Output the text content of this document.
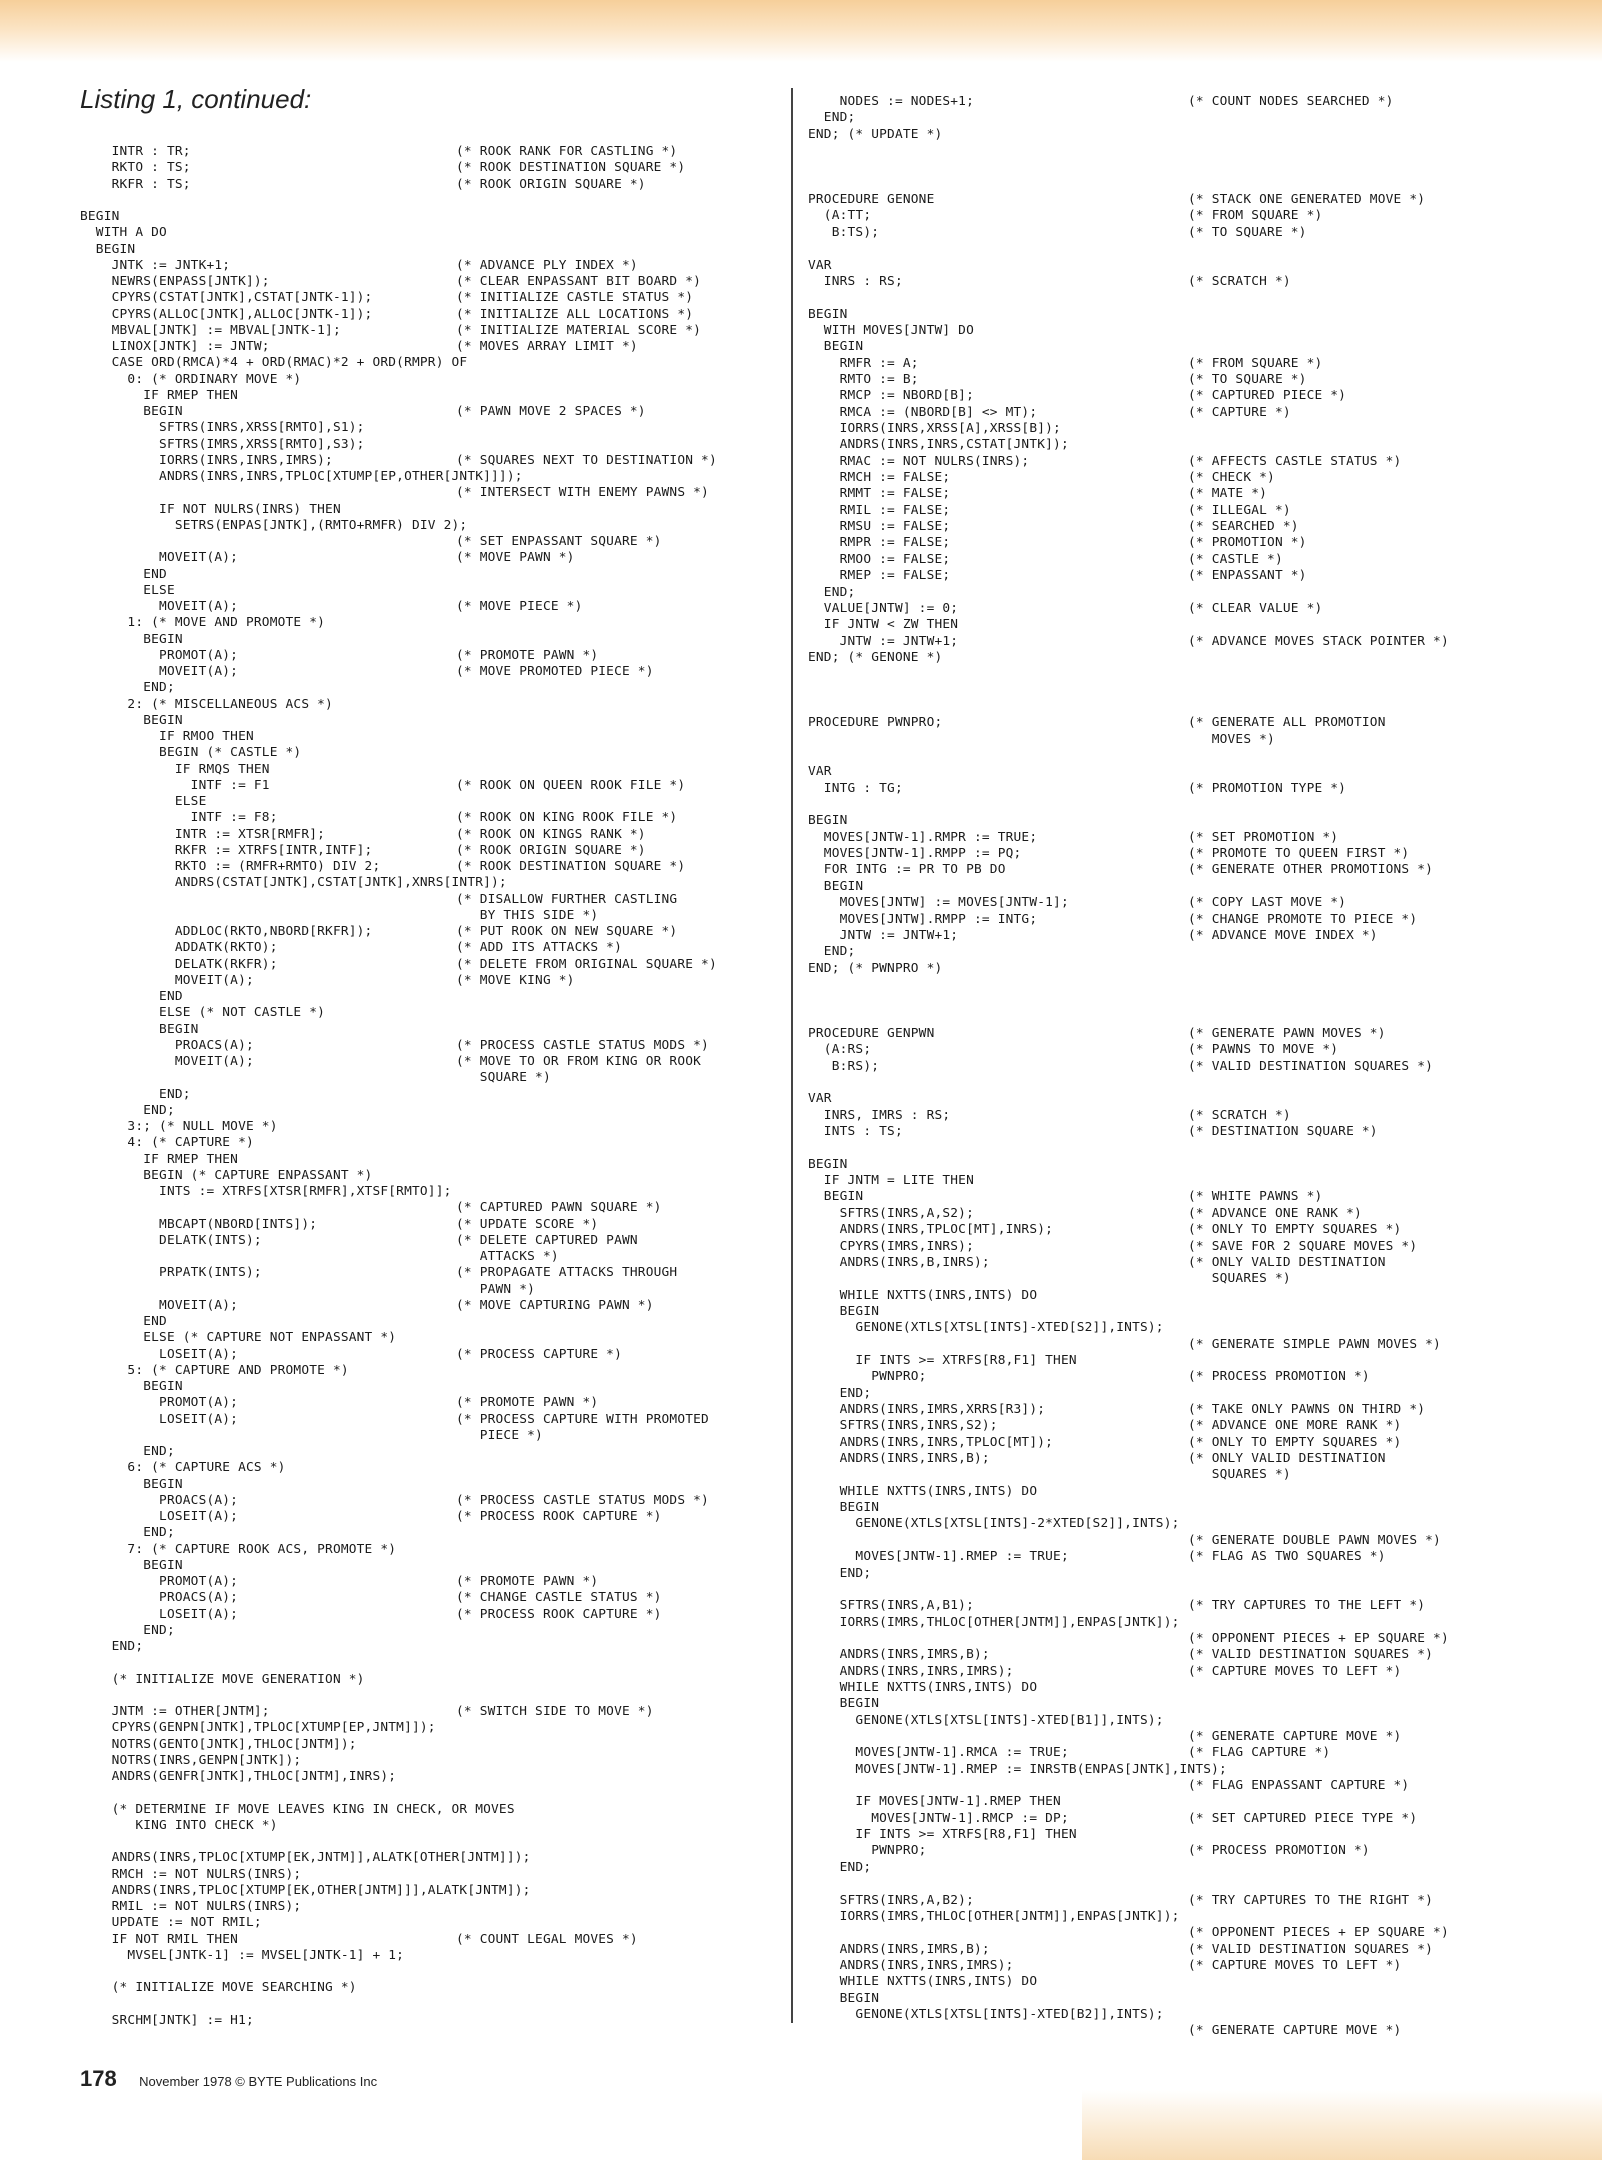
Listing 1, continued:
INTR : TR;	(* ROOK RANK FOR CASTLING *)
RKTO : TS;	(* ROOK DESTINATION SQUARE *)
RKFR : TS;	(* ROOK ORIGIN SQUARE *)
BEGIN
WITH A DO
BEGIN
JNTK := JNTK+1;	(* ADVANCE PLY INDEX *)
NEWRS(ENPASS[JNTK]);	(* CLEAR ENPASSANT BIT BOARD *)
CPYRS(CSTAT[JNTK],CSTAT[JNTK-1]);	(* INITIALIZE CASTLE STATUS *)
CPYRS(ALLOC[JNTK],ALLOC[JNTK-1]);	(* INITIALIZE ALL LOCATIONS *)
MBVAL[JNTK] := MBVAL[JNTK-1];	(* INITIALIZE MATERIAL SCORE *)
LINOX[JNTK] := JNTW;	(* MOVES ARRAY LIMIT *)
CASE ORD(RMCA)*4 + ORD(RMAC)*2 + ORD(RMPR) OF
0: (* ORDINARY MOVE *)
IF RMEP THEN
BEGIN	(* PAWN MOVE 2 SPACES *)
SFTRS(INRS,XRSS[RMTO],S1);
SFTRS(IMRS,XRSS[RMTO],S3);
IORRS(INRS,INRS,IMRS);	(* SQUARES NEXT TO DESTINATION *)
ANDRS(INRS,INRS,TPLOC[XTUMP[EP,OTHER[JNTK]]]);
(* INTERSECT WITH ENEMY PAWNS *)
IF NOT NULRS(INRS) THEN
SETRS(ENPAS[JNTK],(RMTO+RMFR) DIV 2);
(* SET ENPASSANT SQUARE *)
MOVEIT(A);	(* MOVE PAWN *)
END
ELSE
MOVEIT(A);	(* MOVE PIECE *)
1: (* MOVE AND PROMOTE *)
BEGIN
PROMOT(A);	(* PROMOTE PAWN *)
MOVEIT(A);	(* MOVE PROMOTED PIECE *)
END;
2: (* MISCELLANEOUS ACS *)
BEGIN
IF RMOO THEN
BEGIN (* CASTLE *)
IF RMQS THEN
INTF := F1	(* ROOK ON QUEEN ROOK FILE *)
ELSE
INTF := F8;	(* ROOK ON KING ROOK FILE *)
INTR := XTSR[RMFR];	(* ROOK ON KINGS RANK *)
RKFR := XTRFS[INTR,INTF];	(* ROOK ORIGIN SQUARE *)
RKTO := (RMFR+RMTO) DIV 2;	(* ROOK DESTINATION SQUARE *)
ANDRS(CSTAT[JNTK],CSTAT[JNTK],XNRS[INTR]);
(* DISALLOW FURTHER CASTLING
BY THIS SIDE *)
ADDLOC(RKTO,NBORD[RKFR]);	(* PUT ROOK ON NEW SQUARE *)
ADDATK(RKTO);	(* ADD ITS ATTACKS *)
DELATK(RKFR);	(* DELETE FROM ORIGINAL SQUARE *)
MOVEIT(A);	(* MOVE KING *)
END
ELSE (* NOT CASTLE *)
BEGIN
PROACS(A);	(* PROCESS CASTLE STATUS MODS *)
MOVEIT(A);	(* MOVE TO OR FROM KING OR ROOK
SQUARE *)
END;
END;
3:; (* NULL MOVE *)
4: (* CAPTURE *)
IF RMEP THEN
BEGIN (* CAPTURE ENPASSANT *)
INTS := XTRFS[XTSR[RMFR],XTSF[RMTO]];
(* CAPTURED PAWN SQUARE *)
MBCAPT(NBORD[INTS]);	(* UPDATE SCORE *)
DELATK(INTS);	(* DELETE CAPTURED PAWN
ATTACKS *)
PRPATK(INTS);	(* PROPAGATE ATTACKS THROUGH
PAWN *)
MOVEIT(A);	(* MOVE CAPTURING PAWN *)
END
ELSE (* CAPTURE NOT ENPASSANT *)
LOSEIT(A);	(* PROCESS CAPTURE *)
5: (* CAPTURE AND PROMOTE *)
BEGIN
PROMOT(A);	(* PROMOTE PAWN *)
LOSEIT(A);	(* PROCESS CAPTURE WITH PROMOTED
PIECE *)
END;
6: (* CAPTURE ACS *)
BEGIN
PROACS(A);	(* PROCESS CASTLE STATUS MODS *)
LOSEIT(A);	(* PROCESS ROOK CAPTURE *)
END;
7: (* CAPTURE ROOK ACS, PROMOTE *)
BEGIN
PROMOT(A);	(* PROMOTE PAWN *)
PROACS(A);	(* CHANGE CASTLE STATUS *)
LOSEIT(A);	(* PROCESS ROOK CAPTURE *)
END;
END;
(* INITIALIZE MOVE GENERATION *)
JNTM := OTHER[JNTM];	(* SWITCH SIDE TO MOVE *)
CPYRS(GENPN[JNTK],TPLOC[XTUMP[EP,JNTM]]);
NOTRS(GENTO[JNTK],THLOC[JNTM]);
NOTRS(INRS,GENPN[JNTK]);
ANDRS(GENFR[JNTK],THLOC[JNTM],INRS);
(* DETERMINE IF MOVE LEAVES KING IN CHECK, OR MOVES
KING INTO CHECK *)
ANDRS(INRS,TPLOC[XTUMP[EK,JNTM]],ALATK[OTHER[JNTM]]);
RMCH := NOT NULRS(INRS);
ANDRS(INRS,TPLOC[XTUMP[EK,OTHER[JNTM]]],ALATK[JNTM]);
RMIL := NOT NULRS(INRS);
UPDATE := NOT RMIL;
IF NOT RMIL THEN	(* COUNT LEGAL MOVES *)
MVSEL[JNTK-1] := MVSEL[JNTK-1] + 1;
(* INITIALIZE MOVE SEARCHING *)
SRCHM[JNTK] := H1;
NODES := NODES+1;	(* COUNT NODES SEARCHED *)
END;
END; (* UPDATE *)
PROCEDURE GENONE	(* STACK ONE GENERATED MOVE *)
(A:TT;	(* FROM SQUARE *)
B:TS);	(* TO SQUARE *)
VAR
INRS : RS;	(* SCRATCH *)
BEGIN
WITH MOVES[JNTW] DO
BEGIN
RMFR := A;	(* FROM SQUARE *)
RMTO := B;	(* TO SQUARE *)
RMCP := NBORD[B];	(* CAPTURED PIECE *)
RMCA := (NBORD[B] <> MT);	(* CAPTURE *)
IORRS(INRS,XRSS[A],XRSS[B]);
ANDRS(INRS,INRS,CSTAT[JNTK]);
RMAC := NOT NULRS(INRS);	(* AFFECTS CASTLE STATUS *)
RMCH := FALSE;	(* CHECK *)
RMMT := FALSE;	(* MATE *)
RMIL := FALSE;	(* ILLEGAL *)
RMSU := FALSE;	(* SEARCHED *)
RMPR := FALSE;	(* PROMOTION *)
RMOO := FALSE;	(* CASTLE *)
RMEP := FALSE;	(* ENPASSANT *)
END;
VALUE[JNTW] := 0;	(* CLEAR VALUE *)
IF JNTW < ZW THEN
JNTW := JNTW+1;	(* ADVANCE MOVES STACK POINTER *)
END; (* GENONE *)
PROCEDURE PWNPRO;	(* GENERATE ALL PROMOTION
MOVES *)
VAR
INTG : TG;	(* PROMOTION TYPE *)
BEGIN
MOVES[JNTW-1].RMPR := TRUE;	(* SET PROMOTION *)
MOVES[JNTW-1].RMPP := PQ;	(* PROMOTE TO QUEEN FIRST *)
FOR INTG := PR TO PB DO	(* GENERATE OTHER PROMOTIONS *)
BEGIN
MOVES[JNTW] := MOVES[JNTW-1];	(* COPY LAST MOVE *)
MOVES[JNTW].RMPP := INTG;	(* CHANGE PROMOTE TO PIECE *)
JNTW := JNTW+1;	(* ADVANCE MOVE INDEX *)
END;
END; (* PWNPRO *)
PROCEDURE GENPWN	(* GENERATE PAWN MOVES *)
(A:RS;	(* PAWNS TO MOVE *)
B:RS);	(* VALID DESTINATION SQUARES *)
VAR
INRS, IMRS : RS;	(* SCRATCH *)
INTS : TS;	(* DESTINATION SQUARE *)
BEGIN
IF JNTM = LITE THEN
BEGIN	(* WHITE PAWNS *)
SFTRS(INRS,A,S2);	(* ADVANCE ONE RANK *)
ANDRS(INRS,TPLOC[MT],INRS);	(* ONLY TO EMPTY SQUARES *)
CPYRS(IMRS,INRS);	(* SAVE FOR 2 SQUARE MOVES *)
ANDRS(INRS,B,INRS);	(* ONLY VALID DESTINATION
SQUARES *)
WHILE NXTTS(INRS,INTS) DO
BEGIN
GENONE(XTLS[XTSL[INTS]-XTED[S2]],INTS);
(* GENERATE SIMPLE PAWN MOVES *)
IF INTS >= XTRFS[R8,F1] THEN
PWNPRO;	(* PROCESS PROMOTION *)
END;
ANDRS(INRS,IMRS,XRRS[R3]);	(* TAKE ONLY PAWNS ON THIRD *)
SFTRS(INRS,INRS,S2);	(* ADVANCE ONE MORE RANK *)
ANDRS(INRS,INRS,TPLOC[MT]);	(* ONLY TO EMPTY SQUARES *)
ANDRS(INRS,INRS,B);	(* ONLY VALID DESTINATION
SQUARES *)
WHILE NXTTS(INRS,INTS) DO
BEGIN
GENONE(XTLS[XTSL[INTS]-2*XTED[S2]],INTS);
(* GENERATE DOUBLE PAWN MOVES *)
MOVES[JNTW-1].RMEP := TRUE;	(* FLAG AS TWO SQUARES *)
END;
SFTRS(INRS,A,B1);	(* TRY CAPTURES TO THE LEFT *)
IORRS(IMRS,THLOC[OTHER[JNTM]],ENPAS[JNTK]);
(* OPPONENT PIECES + EP SQUARE *)
ANDRS(INRS,IMRS,B);	(* VALID DESTINATION SQUARES *)
ANDRS(INRS,INRS,IMRS);	(* CAPTURE MOVES TO LEFT *)
WHILE NXTTS(INRS,INTS) DO
BEGIN
GENONE(XTLS[XTSL[INTS]-XTED[B1]],INTS);
(* GENERATE CAPTURE MOVE *)
MOVES[JNTW-1].RMCA := TRUE;	(* FLAG CAPTURE *)
MOVES[JNTW-1].RMEP := INRSTB(ENPAS[JNTK],INTS);
(* FLAG ENPASSANT CAPTURE *)
IF MOVES[JNTW-1].RMEP THEN
MOVES[JNTW-1].RMCP := DP;	(* SET CAPTURED PIECE TYPE *)
IF INTS >= XTRFS[R8,F1] THEN
PWNPRO;	(* PROCESS PROMOTION *)
END;
SFTRS(INRS,A,B2);	(* TRY CAPTURES TO THE RIGHT *)
IORRS(IMRS,THLOC[OTHER[JNTM]],ENPAS[JNTK]);
(* OPPONENT PIECES + EP SQUARE *)
ANDRS(INRS,IMRS,B);	(* VALID DESTINATION SQUARES *)
ANDRS(INRS,INRS,IMRS);	(* CAPTURE MOVES TO LEFT *)
WHILE NXTTS(INRS,INTS) DO
BEGIN
GENONE(XTLS[XTSL[INTS]-XTED[B2]],INTS);
(* GENERATE CAPTURE MOVE *)
178 November 1978 © BYTE Publications Inc
